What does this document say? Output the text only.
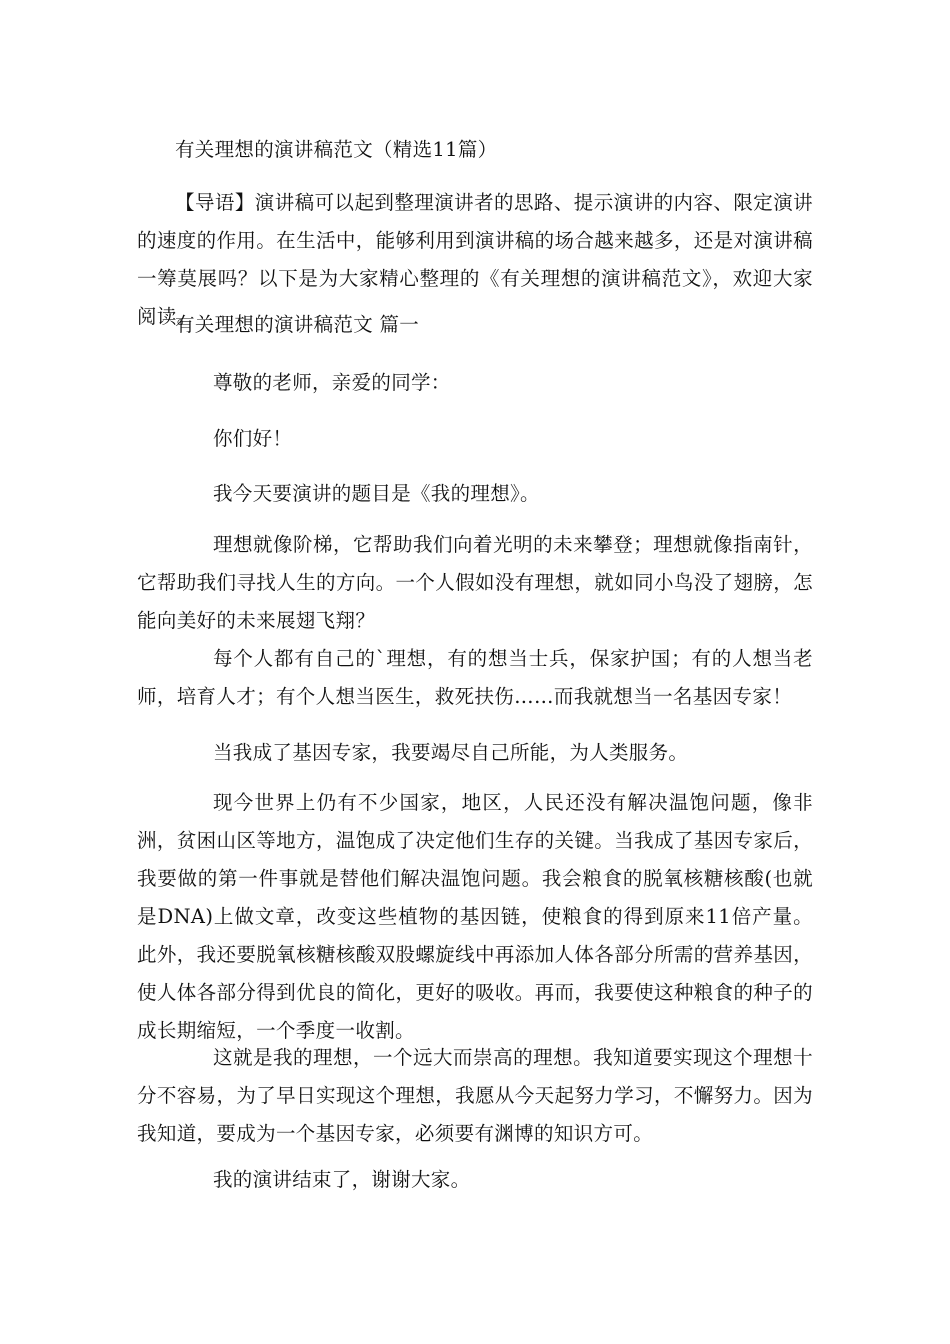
有关理想的演讲稿范文（精选11篇）
【导语】演讲稿可以起到整理演讲者的思路、提示演讲的内容、限定演讲的速度的作用。在生活中，能够利用到演讲稿的场合越来越多，还是对演讲稿一筹莫展吗？以下是为大家精心整理的《有关理想的演讲稿范文》，欢迎大家阅读。
有关理想的演讲稿范文 篇一
尊敬的老师，亲爱的同学：
你们好！
我今天要演讲的题目是《我的理想》。
理想就像阶梯，它帮助我们向着光明的未来攀登；理想就像指南针，它帮助我们寻找人生的方向。一个人假如没有理想，就如同小鸟没了翅膀，怎能向美好的未来展翅飞翔？
每个人都有自己的`理想，有的想当士兵，保家护国；有的人想当老师，培育人才；有个人想当医生，救死扶伤……而我就想当一名基因专家！
当我成了基因专家，我要竭尽自己所能，为人类服务。
现今世界上仍有不少国家，地区，人民还没有解决温饱问题，像非洲，贫困山区等地方，温饱成了决定他们生存的关键。当我成了基因专家后，我要做的第一件事就是替他们解决温饱问题。我会粮食的脱氧核糖核酸(也就是DNA)上做文章，改变这些植物的基因链，使粮食的得到原来11倍产量。此外，我还要脱氧核糖核酸双股螺旋线中再添加人体各部分所需的营养基因，使人体各部分得到优良的简化，更好的吸收。再而，我要使这种粮食的种子的成长期缩短，一个季度一收割。
这就是我的理想，一个远大而崇高的理想。我知道要实现这个理想十分不容易，为了早日实现这个理想，我愿从今天起努力学习，不懈努力。因为我知道，要成为一个基因专家，必须要有渊博的知识方可。
我的演讲结束了，谢谢大家。
